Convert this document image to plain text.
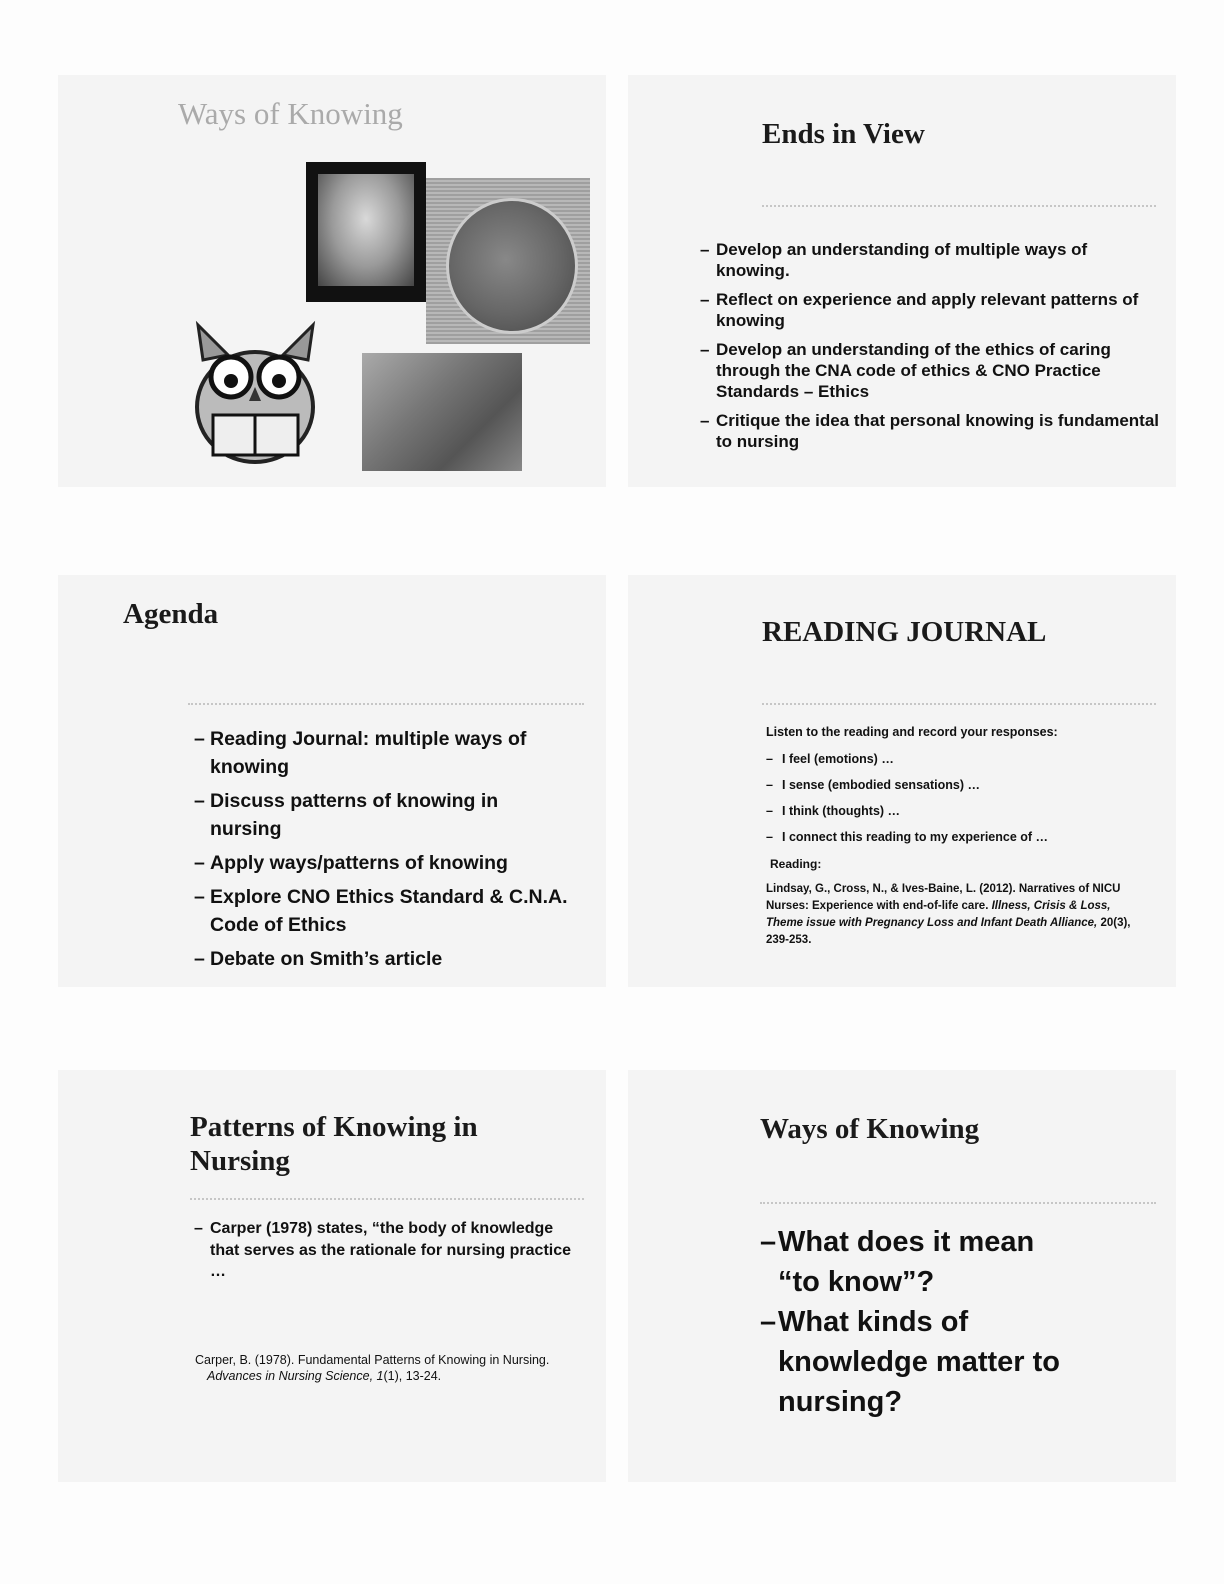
Ways of Knowing
Ends in View
– Develop an understanding of multiple ways of knowing.
– Reflect on experience and apply relevant patterns of knowing
– Develop an understanding of the ethics of caring through the CNA code of ethics & CNO Practice Standards – Ethics
– Critique the idea that personal knowing is fundamental to nursing
Agenda
– Reading Journal: multiple ways of knowing
– Discuss patterns of knowing in nursing
– Apply ways/patterns of knowing
– Explore CNO Ethics Standard & C.N.A. Code of Ethics
– Debate on Smith’s article
READING JOURNAL
Listen to the reading and record your responses:
– I feel (emotions) …
– I sense (embodied sensations) …
– I think (thoughts) …
– I connect this reading to my experience of …
Reading:
Lindsay, G., Cross, N., & Ives-Baine, L. (2012). Narratives of NICU Nurses: Experience with end-of-life care. Illness, Crisis & Loss, Theme issue with Pregnancy Loss and Infant Death Alliance, 20(3), 239-253.
Patterns of Knowing in Nursing
– Carper (1978) states, “the body of knowledge that serves as the rationale for nursing practice …
Carper, B. (1978). Fundamental Patterns of Knowing in Nursing.
Advances in Nursing Science, 1(1), 13-24.
Ways of Knowing
– What does it mean “to know”?
– What kinds of knowledge matter to nursing?
